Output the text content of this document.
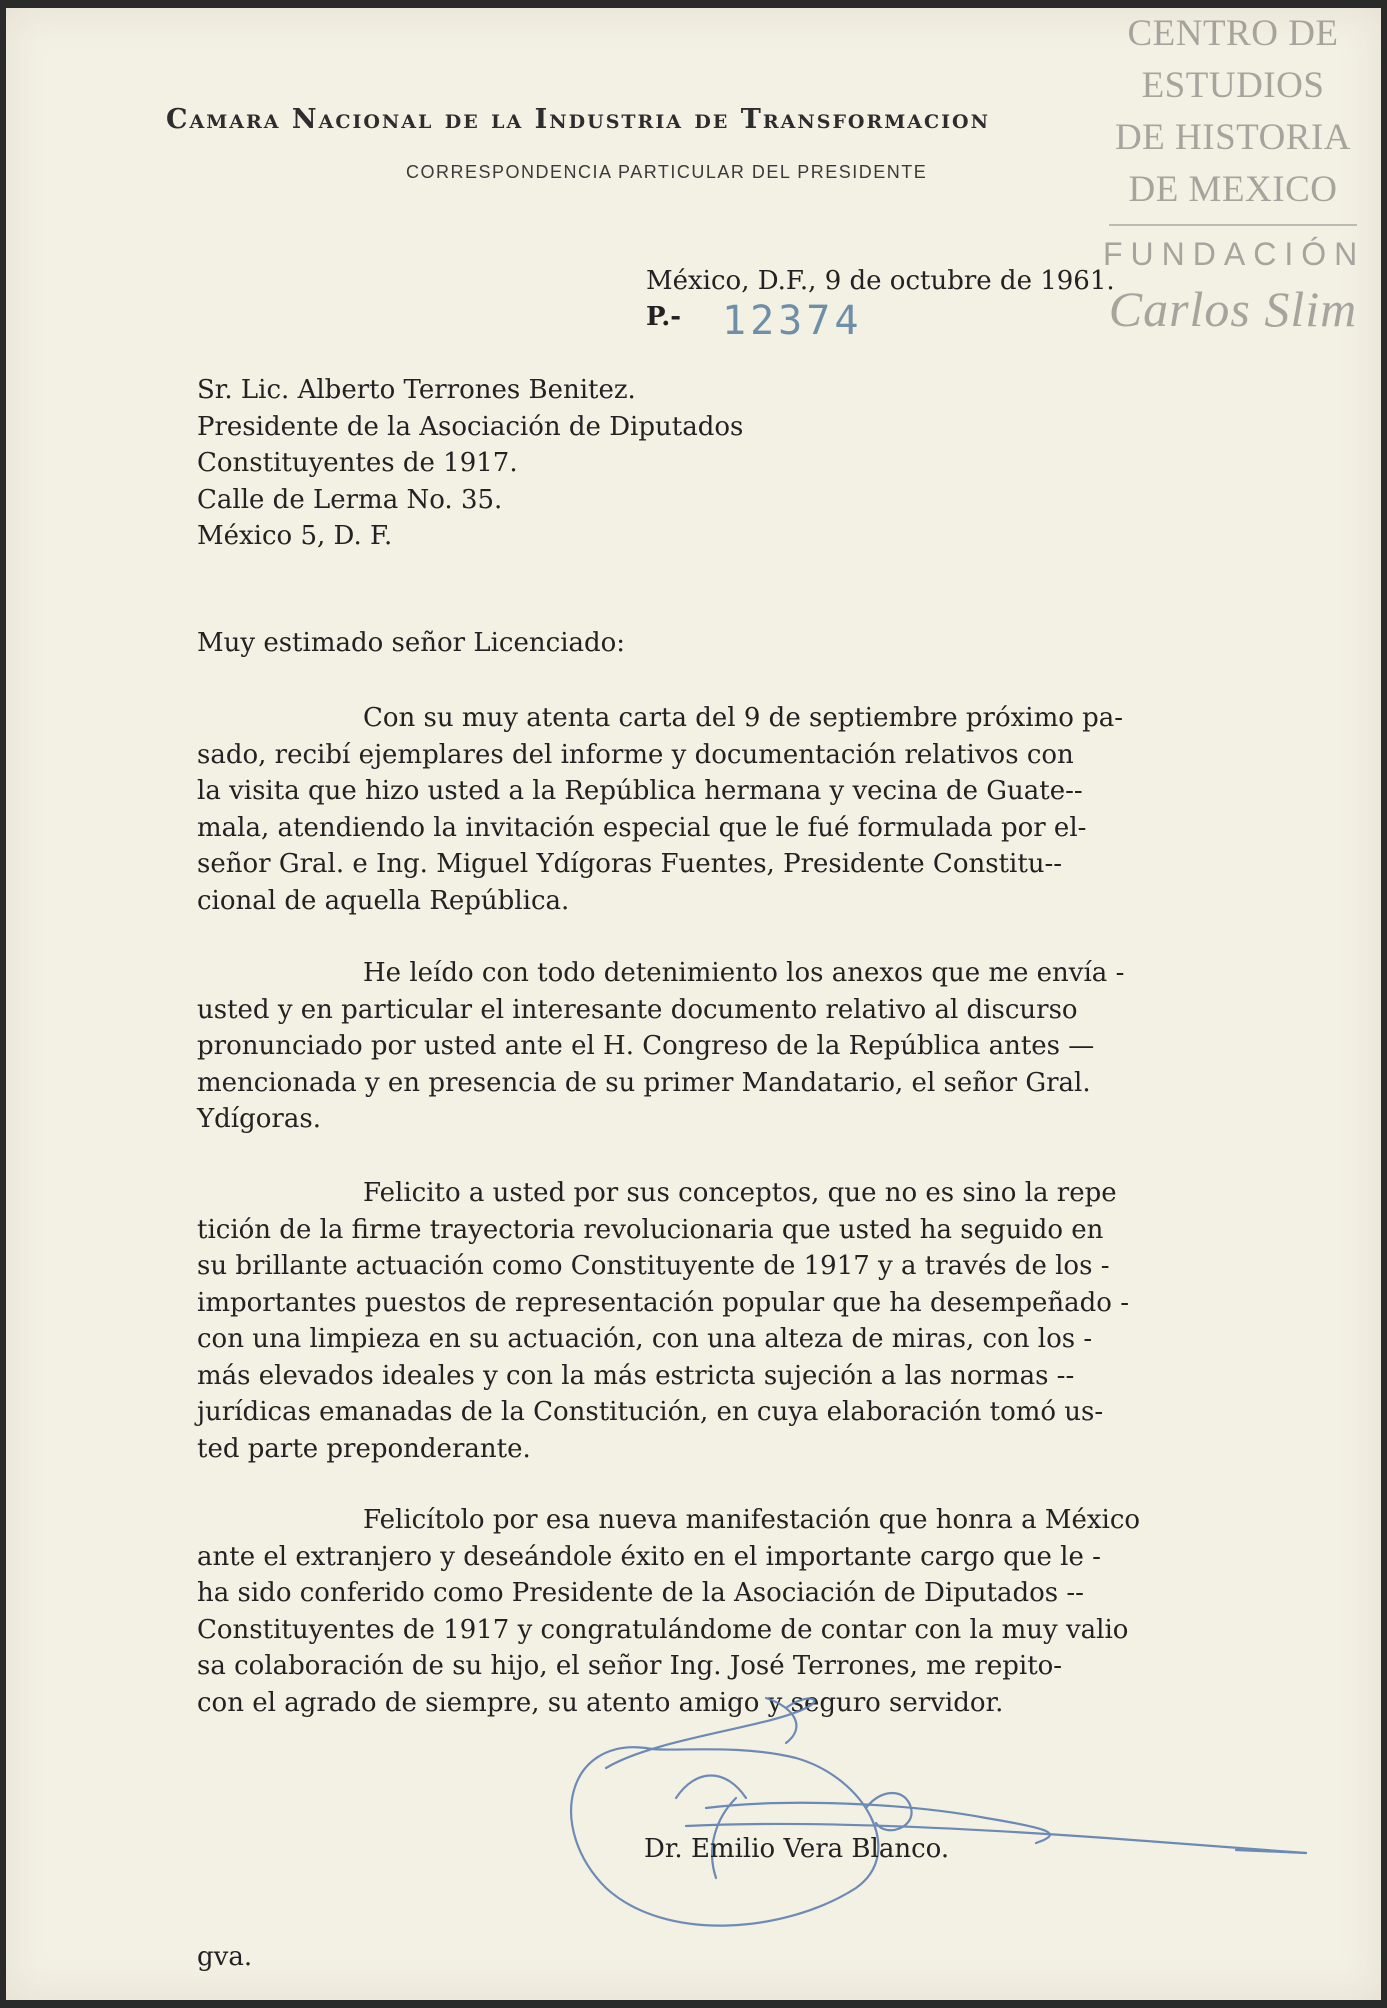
Camara Nacional de la Industria de Transformacion
CORRESPONDENCIA PARTICULAR DEL PRESIDENTE
CENTRO DE
ESTUDIOS
DE HISTORIA
DE MEXICO
FUNDACIÓN
Carlos Slim
México, D.F., 9 de octubre de 1961.
P.- 12374
Sr. Lic. Alberto Terrones Benitez.
Presidente de la Asociación de Diputados
Constituyentes de 1917.
Calle de Lerma No. 35.
México 5, D. F.
Muy estimado señor Licenciado:
Con su muy atenta carta del 9 de septiembre próximo pa-
sado, recibí ejemplares del informe y documentación relativos con
la visita que hizo usted a la República hermana y vecina de Guate--
mala, atendiendo la invitación especial que le fué formulada por el-
señor Gral. e Ing. Miguel Ydígoras Fuentes, Presidente Constitu--
cional de aquella República.
He leído con todo detenimiento los anexos que me envía -
usted y en particular el interesante documento relativo al discurso
pronunciado por usted ante el H. Congreso de la República antes —
mencionada y en presencia de su primer Mandatario, el señor Gral.
Ydígoras.
Felicito a usted por sus conceptos, que no es sino la repe
tición de la firme trayectoria revolucionaria que usted ha seguido en
su brillante actuación como Constituyente de 1917 y a través de los -
importantes puestos de representación popular que ha desempeñado -
con una limpieza en su actuación, con una alteza de miras, con los -
más elevados ideales y con la más estricta sujeción a las normas --
jurídicas emanadas de la Constitución, en cuya elaboración tomó us-
ted parte preponderante.
Felicítolo por esa nueva manifestación que honra a México
ante el extranjero y deseándole éxito en el importante cargo que le -
ha sido conferido como Presidente de la Asociación de Diputados --
Constituyentes de 1917 y congratulándome de contar con la muy valio
sa colaboración de su hijo, el señor Ing. José Terrones, me repito-
con el agrado de siempre, su atento amigo y seguro servidor.
Dr. Emilio Vera Blanco.
gva.
